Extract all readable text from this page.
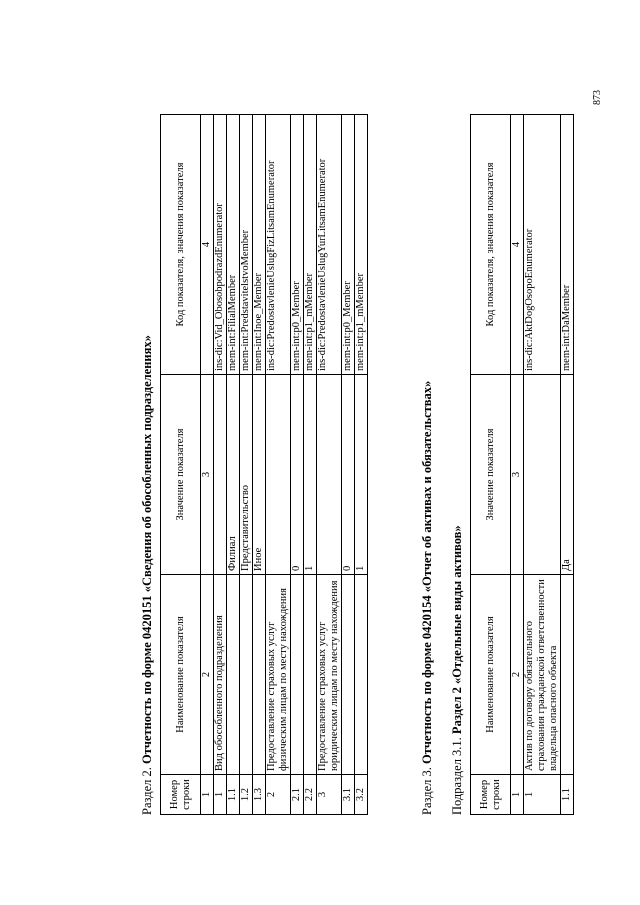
Раздел 2. Отчетность по форме 0420151 «Сведения об обособленных подразделениях»
Номер строки	Наименование показателя	Значение показателя	Код показателя, значения показателя
1	2	3	4
1	Вид обособленного подразделения		ins-dic:Vid_ObosobpodrazdEnumerator
1.1		Филиал	mem-int:FilialMember
1.2		Представительство	mem-int:PredstavitelstvoMember
1.3		Иное	mem-int:Inoe_Member
2	Предоставление страховых услуг физическим лицам по месту нахождения		ins-dic:PredostavlenieUslugFizLitsamEnumerator
2.1		0	mem-int:p0_Member
2.2		1	mem-int:p1_mMember
3	Предоставление страховых услуг юридическим лицам по месту нахождения		ins-dic:PredostavlenieUslugYurLitsamEnumerator
3.1		0	mem-int:p0_Member
3.2		1	mem-int:p1_mMember
Раздел 3. Отчетность по форме 0420154 «Отчет об активах и обязательствах»
Подраздел 3.1. Раздел 2 «Отдельные виды активов»
Номер строки	Наименование показателя	Значение показателя	Код показателя, значения показателя
1	2	3	4
1	Актив по договору обязательного страхования гражданской ответственности владельца опасного объекта		ins-dic:AktDogOsopoEnumerator
1.1		Да	mem-int:DaMember
873
